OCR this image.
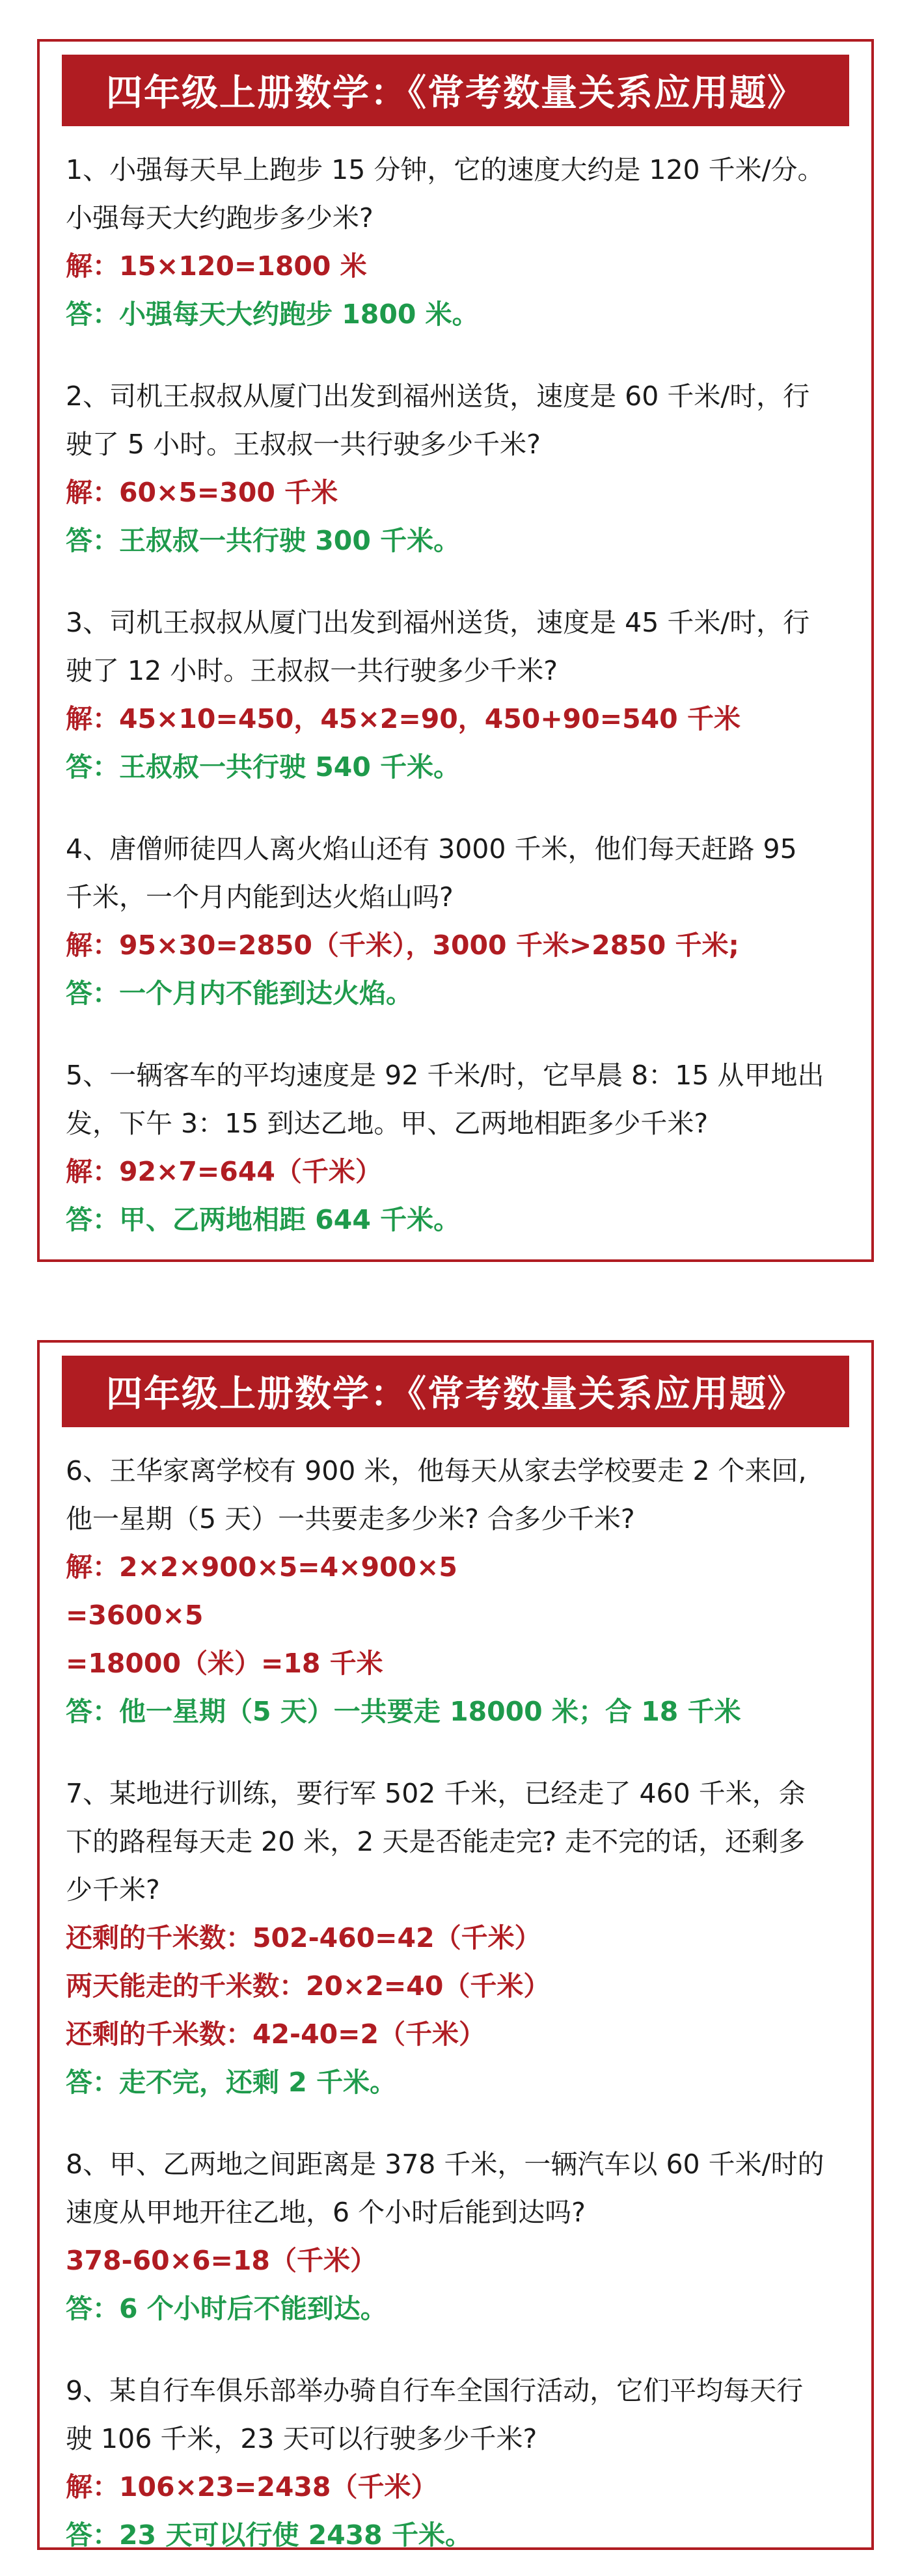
四年级上册数学：《常考数量关系应用题》
1、小强每天早上跑步 15 分钟，它的速度大约是 120 千米/分。
小强每天大约跑步多少米?
解：15×120=1800 米
答：小强每天大约跑步 1800 米。
2、司机王叔叔从厦门出发到福州送货，速度是 60 千米/时，行
驶了 5 小时。王叔叔一共行驶多少千米?
解：60×5=300 千米
答：王叔叔一共行驶 300 千米。
3、司机王叔叔从厦门出发到福州送货，速度是 45 千米/时，行
驶了 12 小时。王叔叔一共行驶多少千米?
解：45×10=450，45×2=90，450+90=540 千米
答：王叔叔一共行驶 540 千米。
4、唐僧师徒四人离火焰山还有 3000 千米，他们每天赶路 95
千米，一个月内能到达火焰山吗?
解：95×30=2850（千米），3000 千米>2850 千米;
答：一个月内不能到达火焰。
5、一辆客车的平均速度是 92 千米/时，它早晨 8：15 从甲地出
发，下午 3：15 到达乙地。甲、乙两地相距多少千米?
解：92×7=644（千米）
答：甲、乙两地相距 644 千米。
四年级上册数学：《常考数量关系应用题》
6、王华家离学校有 900 米，他每天从家去学校要走 2 个来回,
他一星期（5 天）一共要走多少米? 合多少千米?
解：2×2×900×5=4×900×5
=3600×5
=18000（米）=18 千米
答：他一星期（5 天）一共要走 18000 米；合 18 千米
7、某地进行训练，要行军 502 千米，已经走了 460 千米，余
下的路程每天走 20 米，2 天是否能走完? 走不完的话，还剩多
少千米?
还剩的千米数：502-460=42（千米）
两天能走的千米数：20×2=40（千米）
还剩的千米数：42-40=2（千米）
答：走不完，还剩 2 千米。
8、甲、乙两地之间距离是 378 千米，一辆汽车以 60 千米/时的
速度从甲地开往乙地，6 个小时后能到达吗?
378-60×6=18（千米）
答：6 个小时后不能到达。
9、某自行车俱乐部举办骑自行车全国行活动，它们平均每天行
驶 106 千米，23 天可以行驶多少千米?
解：106×23=2438（千米）
答：23 天可以行使 2438 千米。
